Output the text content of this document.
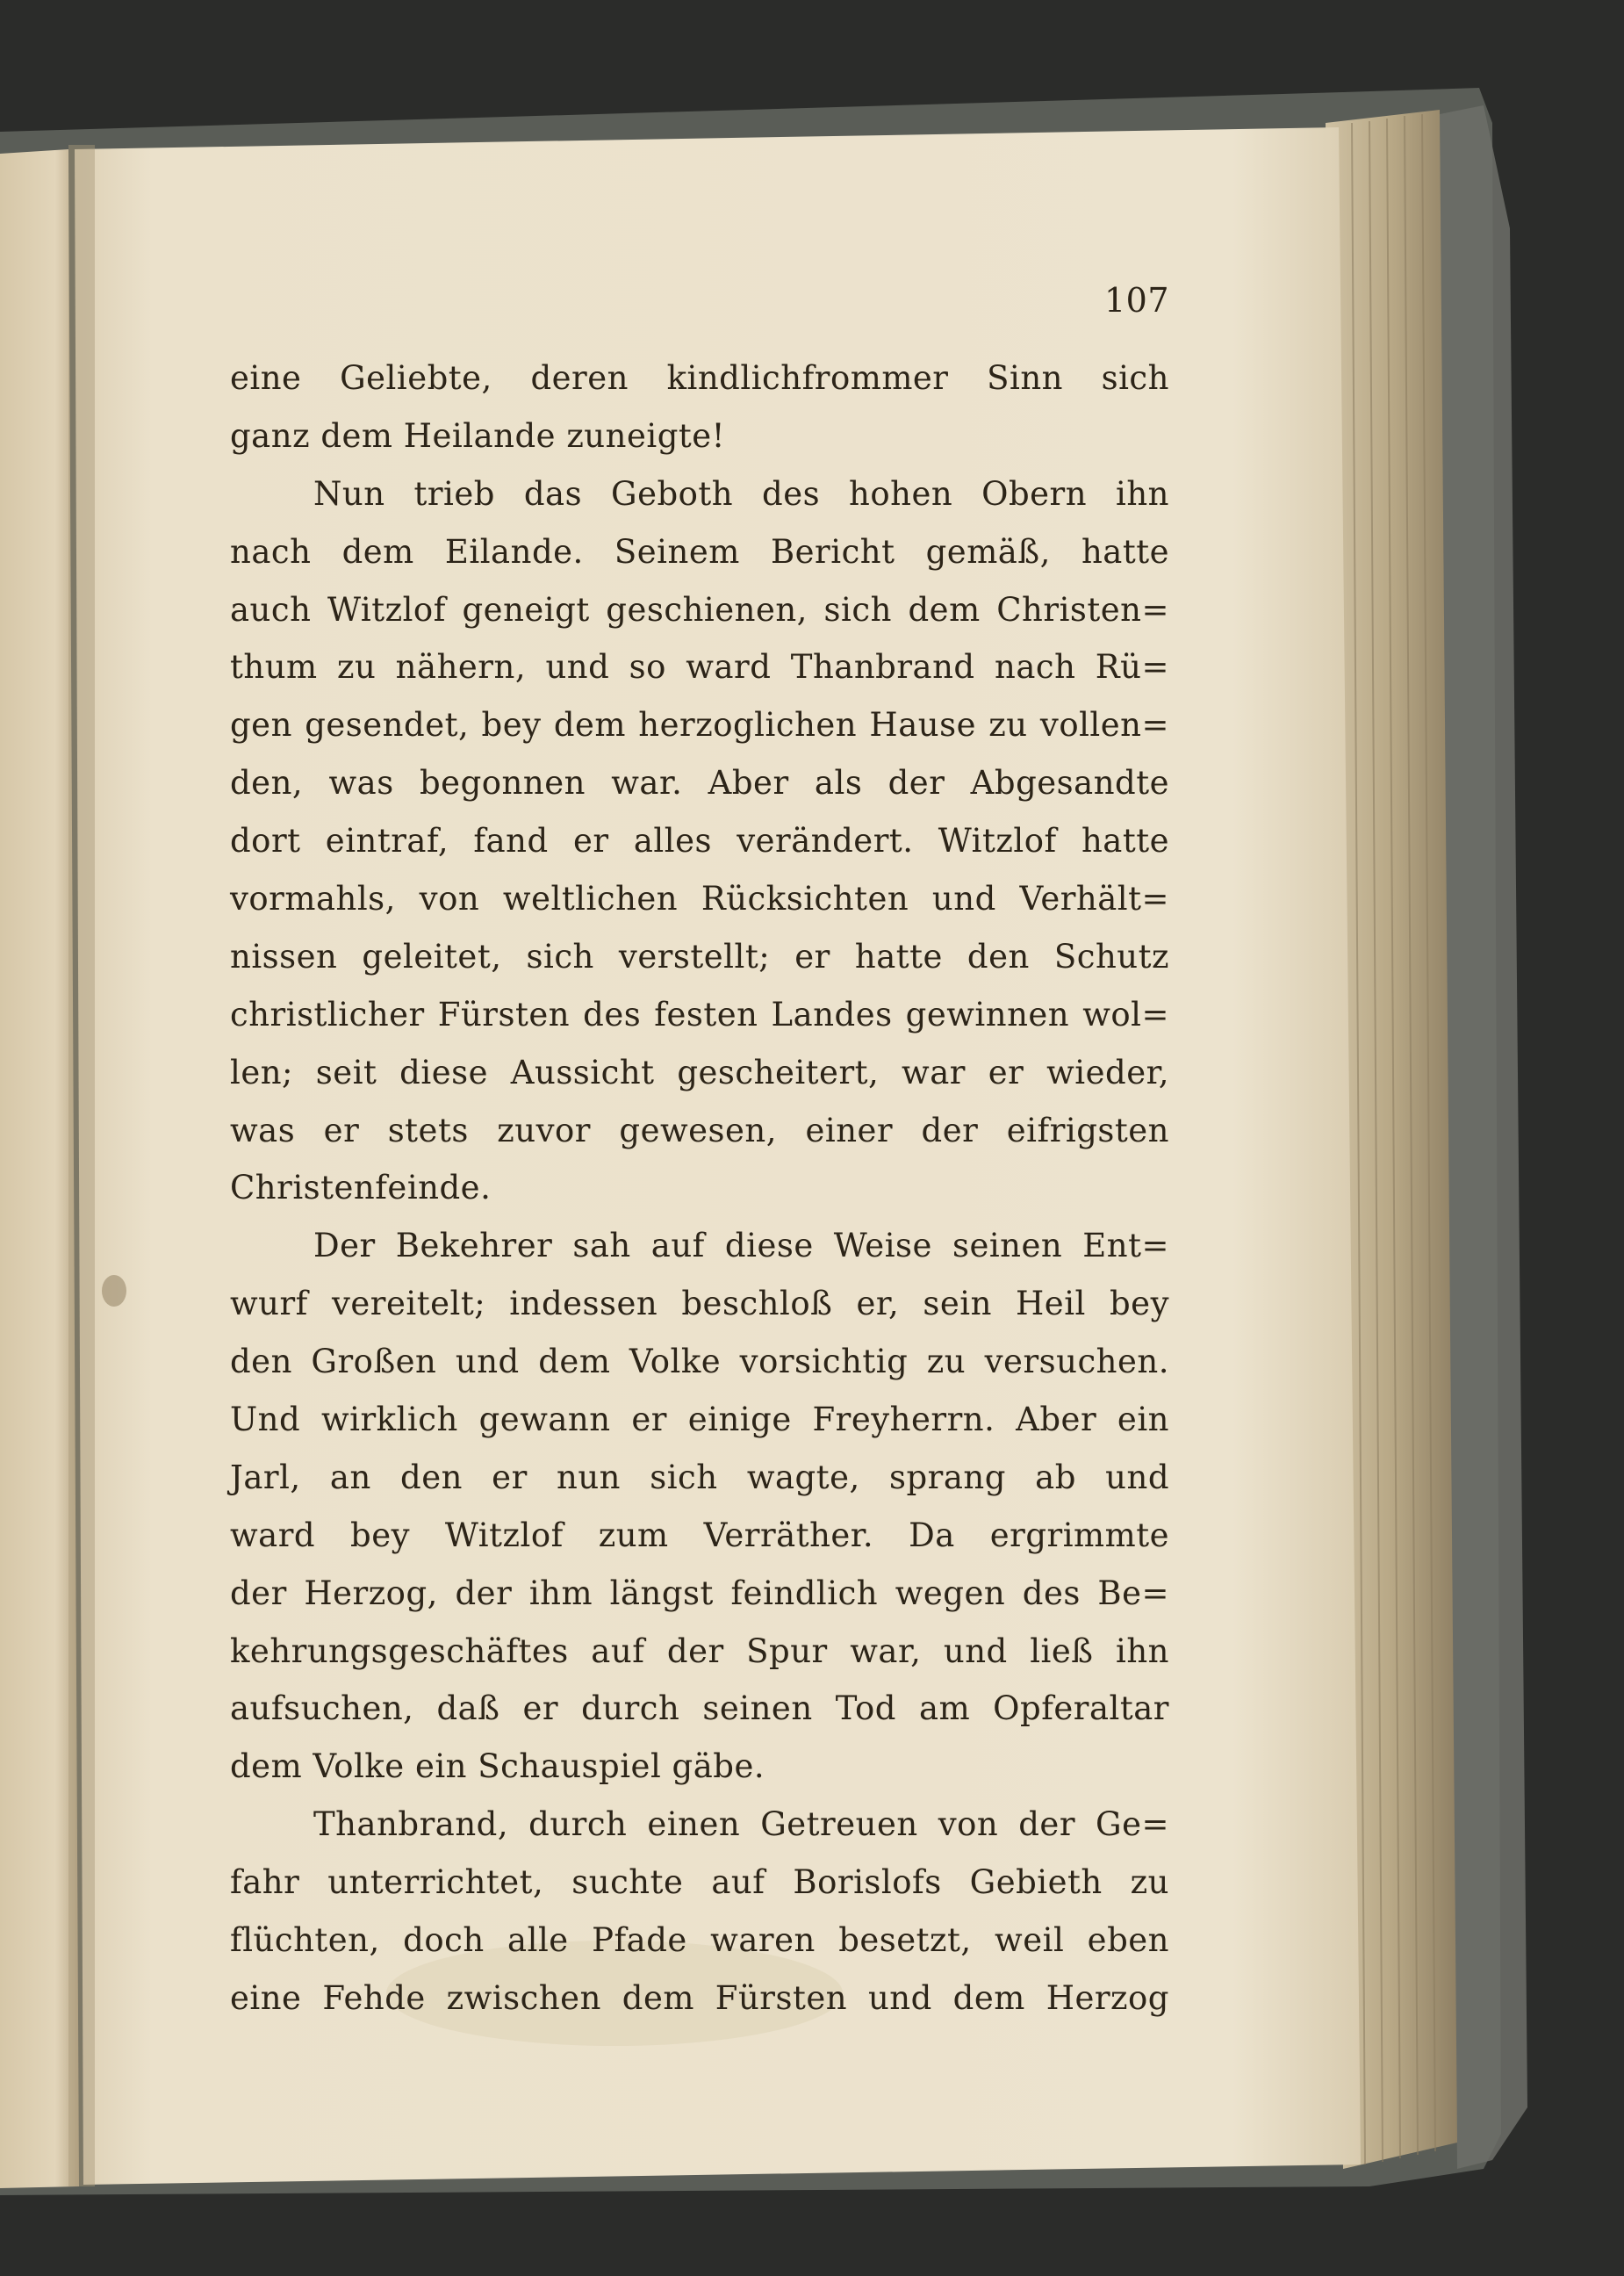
107
eine Geliebte, deren kindlichfrommer Sinn sich
ganz dem Heilande zuneigte!
Nun trieb das Geboth des hohen Obern ihn
nach dem Eilande. Seinem Bericht gemäß, hatte
auch Witzlof geneigt geschienen, sich dem Christen=
thum zu nähern, und so ward Thanbrand nach Rü=
gen gesendet, bey dem herzoglichen Hause zu vollen=
den, was begonnen war. Aber als der Abgesandte
dort eintraf, fand er alles verändert. Witzlof hatte
vormahls, von weltlichen Rücksichten und Verhält=
nissen geleitet, sich verstellt; er hatte den Schutz
christlicher Fürsten des festen Landes gewinnen wol=
len; seit diese Aussicht gescheitert, war er wieder,
was er stets zuvor gewesen, einer der eifrigsten
Christenfeinde.
Der Bekehrer sah auf diese Weise seinen Ent=
wurf vereitelt; indessen beschloß er, sein Heil bey
den Großen und dem Volke vorsichtig zu versuchen.
Und wirklich gewann er einige Freyherrn. Aber ein
Jarl, an den er nun sich wagte, sprang ab und
ward bey Witzlof zum Verräther. Da ergrimmte
der Herzog, der ihm längst feindlich wegen des Be=
kehrungsgeschäftes auf der Spur war, und ließ ihn
aufsuchen, daß er durch seinen Tod am Opferaltar
dem Volke ein Schauspiel gäbe.
Thanbrand, durch einen Getreuen von der Ge=
fahr unterrichtet, suchte auf Borislofs Gebieth zu
flüchten, doch alle Pfade waren besetzt, weil eben
eine Fehde zwischen dem Fürsten und dem Herzog
